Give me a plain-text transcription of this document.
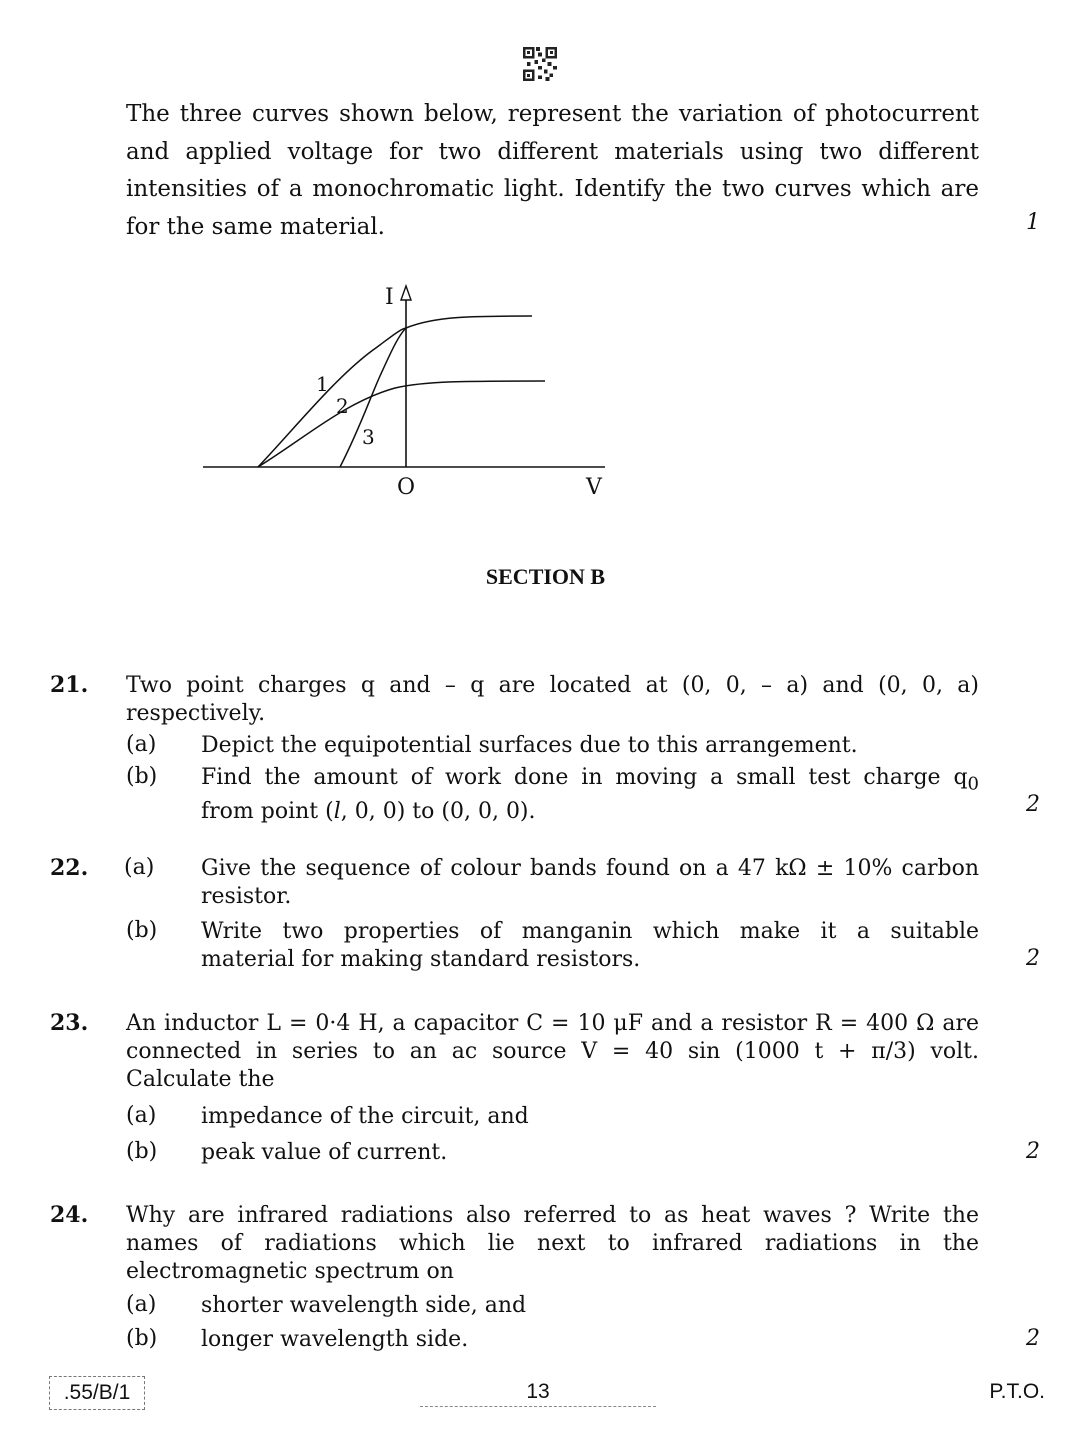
The three curves shown below, represent the variation of photocurrent
and applied voltage for two different materials using two different
intensities of a monochromatic light. Identify the two curves which are
for the same material.	1
I
O	V
1
2
3
SECTION B
21. Two point charges q and – q are located at (0, 0, – a) and (0, 0, a)
respectively.
(a) Depict the equipotential surfaces due to this arrangement.
(b) Find the amount of work done in moving a small test charge $q_0$
from point (l, 0, 0) to (0, 0, 0).	2
22. (a) Give the sequence of colour bands found on a 47 kΩ ± 10% carbon
resistor.
(b) Write two properties of manganin which make it a suitable
material for making standard resistors.	2
23. An inductor L = 0·4 H, a capacitor C = 10 μF and a resistor R = 400 Ω are
connected in series to an ac source V = 40 sin (1000 t + π/3) volt.
Calculate the
(a) impedance of the circuit, and
(b) peak value of current.	2
24. Why are infrared radiations also referred to as heat waves ? Write the
names of radiations which lie next to infrared radiations in the
electromagnetic spectrum on
(a) shorter wavelength side, and
(b) longer wavelength side.	2
.55/B/1	13	P.T.O.
